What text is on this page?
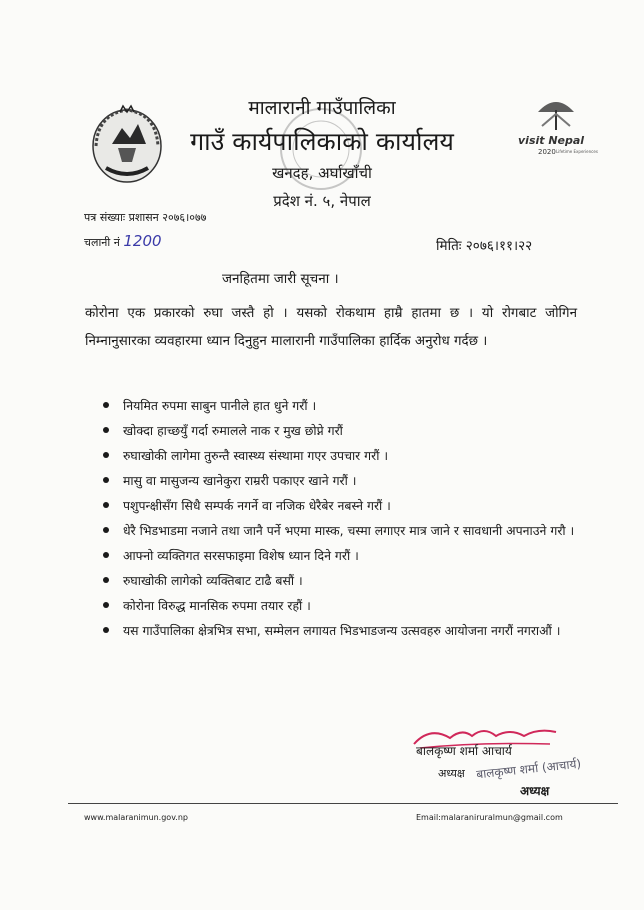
visit Nepal
2020 Lifetime Experiences
मालारानी गाउँपालिका
गाउँ कार्यपालिकाको कार्यालय
खनदह, अर्घाखाँची
प्रदेश नं. ५, नेपाल
पत्र संख्याः प्रशासन २०७६।०७७
चलानी नं 1200	मितिः २०७६।११।२२
जनहितमा जारी सूचना ।
कोरोना एक प्रकारको रुघा जस्तै हो । यसको रोकथाम हाम्रै हातमा छ । यो रोगबाट जोगिन निम्नानुसारका व्यवहारमा ध्यान दिनुहुन मालारानी गाउँपालिका हार्दिक अनुरोध गर्दछ ।
नियमित रुपमा साबुन पानीले हात धुने गरौं ।
खोक्दा हाच्छयुँ गर्दा रुमालले नाक र मुख छोप्ने गरौं
रुघाखोकी लागेमा तुरुन्तै स्वास्थ्य संस्थामा गएर उपचार गरौं ।
मासु वा मासुजन्य खानेकुरा राम्ररी पकाएर खाने गरौं ।
पशुपन्क्षीसँग सिधै सम्पर्क नगर्ने वा नजिक धेरैबेर नबस्ने गरौं ।
धेरै भिडभाडमा नजाने तथा जानै पर्ने भएमा मास्क, चस्मा लगाएर मात्र जाने र सावधानी अपनाउने गरौ ।
आफ्नो व्यक्तिगत सरसफाइमा विशेष ध्यान दिने गरौं ।
रुघाखोकी लागेको व्यक्तिबाट टाढै बसौं ।
कोरोना विरुद्ध मानसिक रुपमा तयार रहौं ।
यस गाउँपालिका क्षेत्रभित्र सभा, सम्मेलन लगायत भिडभाडजन्य उत्सवहरु आयोजना नगरौं नगराऔं ।
बालकृष्ण शर्मा आचार्य
अध्यक्ष बालकृष्ण शर्मा (आचार्य)
अध्यक्ष
www.malaranimun.gov.np	Email:malaraniruralmun@gmail.com
